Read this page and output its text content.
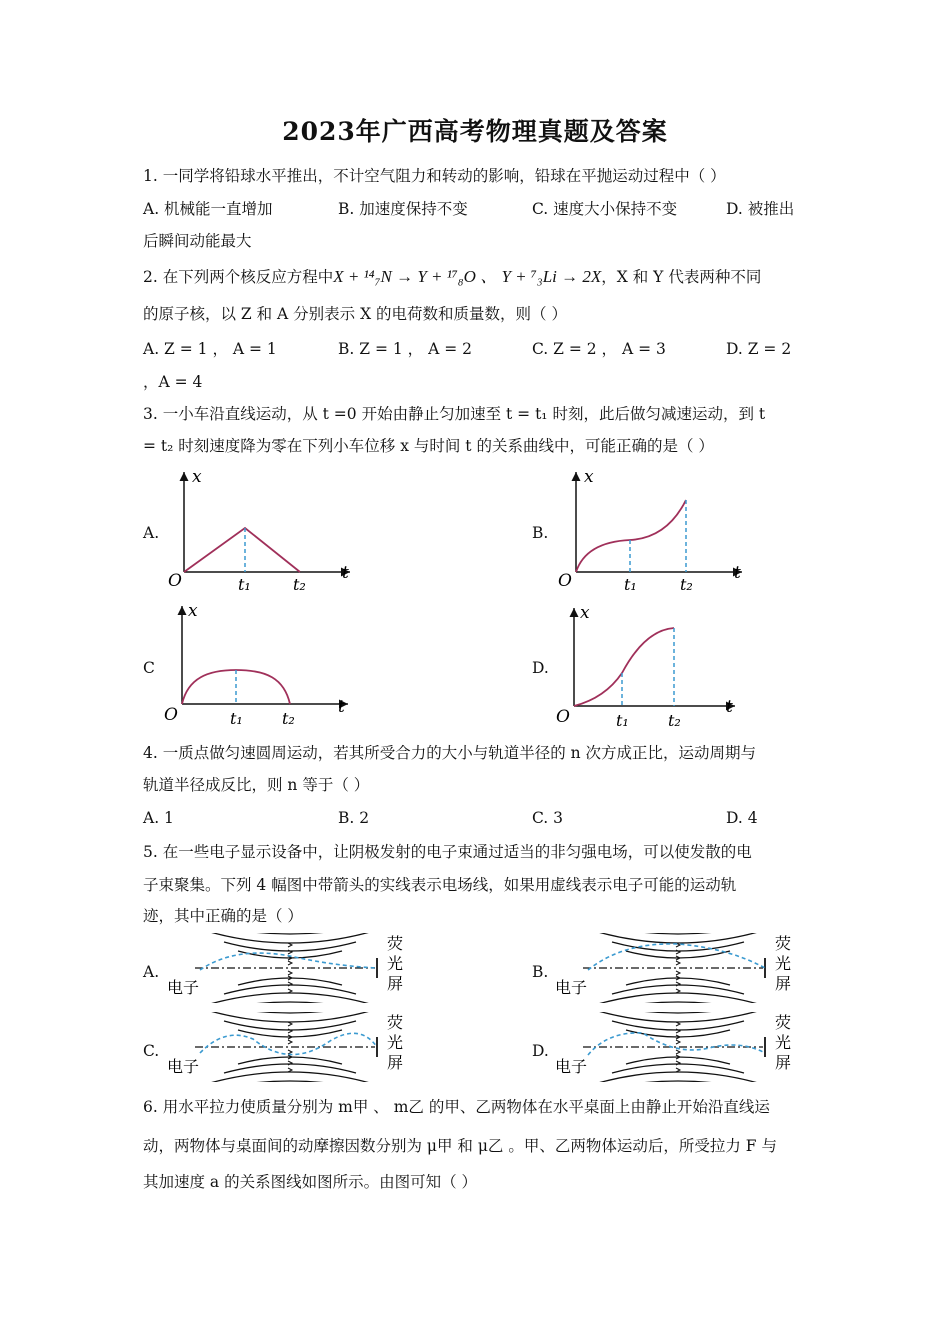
2023年广西高考物理真题及答案
1. 一同学将铅球水平推出，不计空气阻力和转动的影响，铅球在平抛运动过程中（ ）
A. 机械能一直增加	B. 加速度保持不变	C. 速度大小保持不变	D. 被推出
后瞬间动能最大
2. 在下列两个核反应方程中X + ¹⁴₇N → Y + ¹⁷₈O 、 Y + ⁷₃Li → 2X，X 和 Y 代表两种不同
的原子核，以 Z 和 A 分别表示 X 的电荷数和质量数，则（ ）
A. Z = 1 ， A = 1	B. Z = 1 ， A = 2	C. Z = 2 ， A = 3	D. Z = 2
，A = 4
3. 一小车沿直线运动，从 t =0 开始由静止匀加速至 t = t₁ 时刻，此后做匀减速运动，到 t
= t₂ 时刻速度降为零在下列小车位移 x 与时间 t 的关系曲线中，可能正确的是（ ）
A.	B.
C	D.
x
t
O	t₁	t₂
x
t
O	t₁	t₂
x
t
O	t₁ t₂
x
t
O	t₁ t₂
4. 一质点做匀速圆周运动，若其所受合力的大小与轨道半径的 n 次方成正比，运动周期与
轨道半径成反比，则 n 等于（ ）
A. 1	B. 2	C. 3	D. 4
5. 在一些电子显示设备中，让阴极发射的电子束通过适当的非匀强电场，可以使发散的电
子束聚集。下列 4 幅图中带箭头的实线表示电场线，如果用虚线表示电子可能的运动轨
迹，其中正确的是（ ）
A.	B.
C.	D.
电子
荧
光
屏	电子
荧
光
屏
电子
荧
光
屏	电子
荧
光
屏
6. 用水平拉力使质量分别为 m甲 、 m乙 的甲、乙两物体在水平桌面上由静止开始沿直线运
动，两物体与桌面间的动摩擦因数分别为 μ甲 和 μ乙 。甲、乙两物体运动后，所受拉力 F 与
其加速度 a 的关系图线如图所示。由图可知（ ）
